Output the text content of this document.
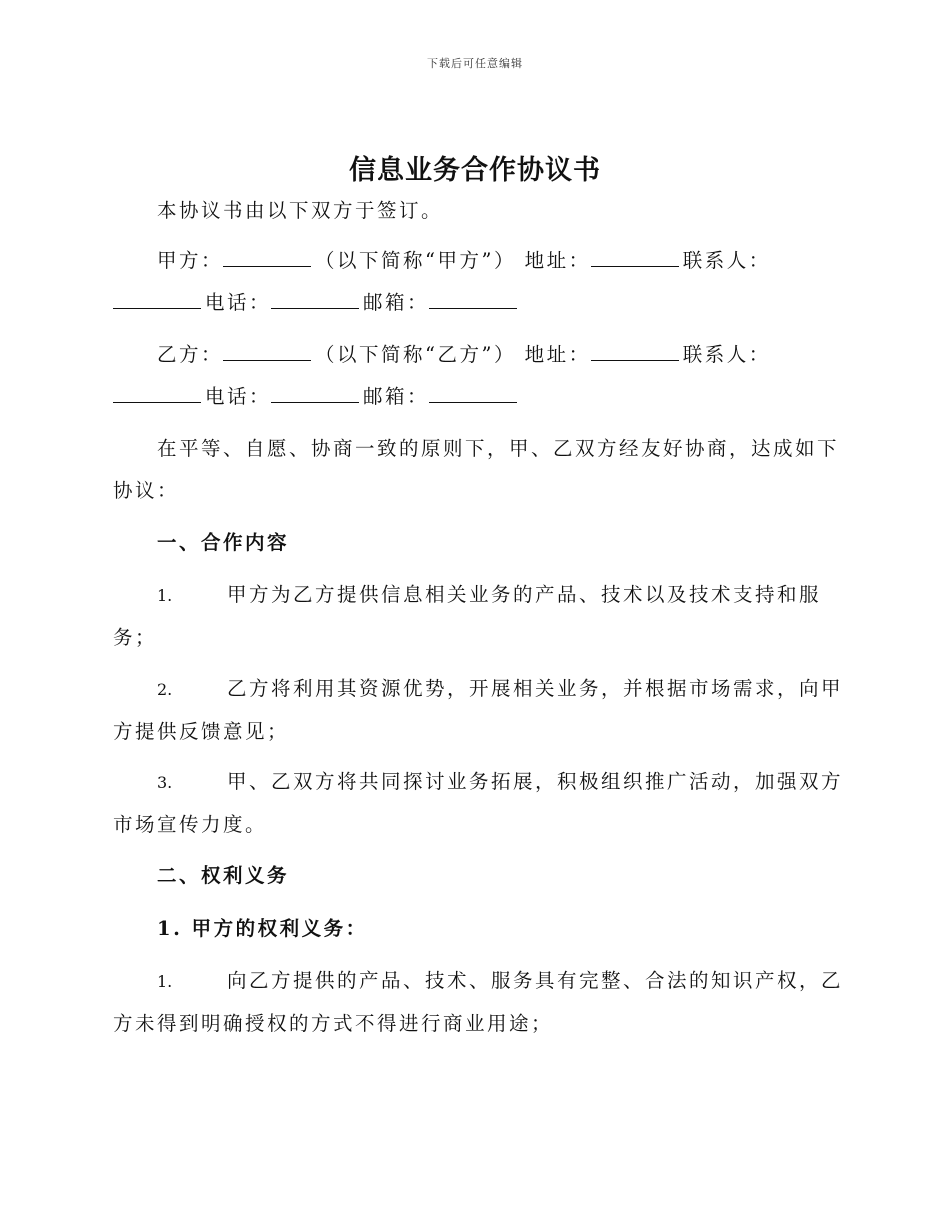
下载后可任意编辑
信息业务合作协议书
本协议书由以下双方于签订。
甲方：	（以下简称“甲方”） 地址：	联系人：
电话：	邮箱：
乙方：	（以下简称“乙方”） 地址：	联系人：
电话：	邮箱：
在平等、自愿、协商一致的原则下，甲、乙双方经友好协商，达成如下
协议：
一、合作内容
1.	甲方为乙方提供信息相关业务的产品、技术以及技术支持和服
务；
2.	乙方将利用其资源优势，开展相关业务，并根据市场需求，向甲
方提供反馈意见；
3.	甲、乙双方将共同探讨业务拓展，积极组织推广活动，加强双方
市场宣传力度。
二、权利义务
1. 甲方的权利义务：
1.	向乙方提供的产品、技术、服务具有完整、合法的知识产权，乙
方未得到明确授权的方式不得进行商业用途；
